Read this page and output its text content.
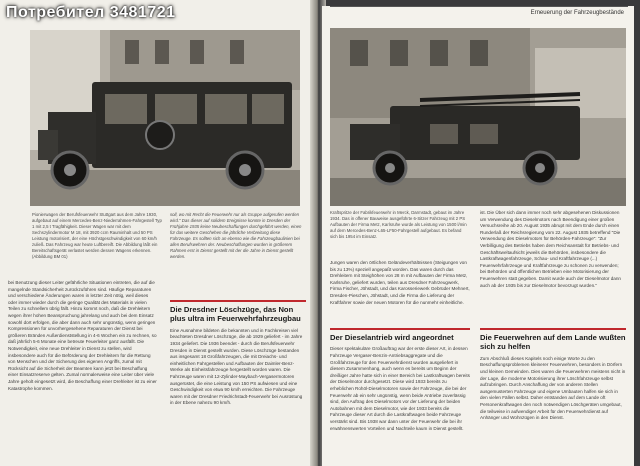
Pionierwagen der Berufsfeuerwehr Stuttgart aus dem Jahre 1930, aufgebaut auf einem Mercedes-Benz-Niederrahmen-Fahrgestell Typ 1 mit 2,5 t Tragfähigkeit. Dieser Wagen war mit dem Sechszylindermotor M 18, mit 3920 ccm Rauminhalt und 50 PS Leistung motorisiert, der eine Höchstgeschwindigkeit von 60 km/h zuließ. Das Fahrzeug war heute Luftbereift. Die Abbildung läßt ein Bereitschaftsgerät verlastet werden dessen Wagens erkennen. (Abbildung BM 01)
soll, wo mit Recht die Feuerwehr nur als Gruppe aufgerufen werden wird." Das dieser auf solidem Ereignisse konnte in Dresden der Frühjahre 1935 keine Neubeschaffungen durchgeführt werden, einen für das weitere Geschehen die jährliche Verbreitung diese Fahrzeuge. Es sollten sich an ebenso wie die Fahrzeugbaulinien bei allen Berufswehren der. Neubeschaffungen wurden in größerem Rahmen erst in Dienst gestellt mit der die Jahre in Dienst gestellt werden.

bei Benutzung dieser Leiter gefährliche Situationen eintreten, die auf die mangelnde Standsicherheit zurückzuführen sind. Häufige Reparaturen und verschiedene Änderungen waren in letzter Zeit nötig, weil dieses oder immer wieder durch die geringe Qualität des Materials in vielen Teilen zu schnellem übrig fällt. Hinzu kommt noch, daß die Drehleitern wegen ihrer hohen Beanspruchung jahrelang und auch bei dem Einsatz sowohl dort erfolgen, die aber dann auch sehr ungünstig, wenn geringen Kompressionen für unvorhergesehene Reparaturen der Dienst bei größeren Bränden Außerdienststellung in 4-6 Wochen ein zu rechnen, so daß jährlich 5-6 Monate eine betreute Feuerleiter ganz ausfällt. Die Notwendigkeit, eine neue Drehleiter in Dienst zu stellen, wird insbesondere auch für die Beförderung der Drehleitern für die Rettung von Menschen und der Sicherung des eigenen Angriffs, zumal mit Rücksicht auf die Sicherheit der Beamten kann jetzt bei Beschaffung einer Einsatzreserve gelten. Zumal normalerweise eine Leiter über viele Jahre geholt eingesetzt wird, die Beschaffung einer Drehleiter ist zu einer Katastrophe kommen.

Die Dresdner Löschzüge, das Non plus ultra im Feuerwehrfahrzeugbau

Eine Ausnahme bildeten die bekannten und in Fachkreisen viel beachteten Dresdner Löschzüge, die ab 1929 geliefert - im Jahre 1934 geliefert. Die 1936 beendet - durch die Berufsfeuerwehr Dresden in Dienst gestellt wurden. Diese Löschzüge bestanden aus insgesamt 18 Großfahrzeugen, die mit Dreiachs- und einheitlichen Fahrgestellen und Aufbauten der Daimler-Benz-Werke als Einheitsfahrzeuge hergestellt worden waren. Die Fahrzeuge waren mit 12-Zylinder-Maybach-Vergasermotoren ausgerüstet, die eine Leistung von 150 PS aufwiesen und eine Geschwindigkeit von etwa 90 km/h erreichten. Die Fahrzeuge waren mit der Dresdner Friedrichstadt-Feuerwehr bei Ausrüstung in der Ebene nahezu 90 km/h.

Erneuerung der Fahrzeugbestände
Kraftspritze der Fabrikfeuerwehr in Merck, Darmstadt, gebaut im Jahre 1934. Das in offener Bauweise ausgeführte 6-Sitzer Fahrzeug mit 2 PS Aufbauten der Firma Metz, Karlsruhe wurde als Leistung von 1500 l/min auf dem Mercedes-Benz-L65-LF50-Fahrgestell aufgebaut. Es befand sich bis 1954 im Einsatz.

Jungen waren den örtlichen Geländeverhältnissen (Steigungen von bis zu 13%) speziell angepaßt worden. Das waren durch das Drehleitern mit Steighöhen von 28 m mit Aufbauten der Firma Metz, Karlsruhe, geliefert wurden, teilen aus Dresdner Fahrzeugwerk, Firma Fischer, Jöhstadt, und das Karosseriewerk Gebrüder Mehnert, Dresden-Pieschen, Jöhstadt, und die Firma die Lieferung der Kraftfahrer sowie der neuen Motoren für die nunmehr einheitliche.

ist. Die Über sich dann immer noch sehr abgesehenen Diskussionen um Verwendung des Dieselmotors nach Beendigung einer großen Versuchsreihe ab 20. August 1935 abrupt mit dem Ende durch einen Runderlaß der Reichsregierung vom 22. August 1935 betreffend "Die Verwendung des Dieselmotors für Behörden-Fahrzeuge": "Zur Verbilligung des Betriebs haben dem Reichsanstalt für Betriebs- und Geschäftsweltaufsicht jeweils die Behörden, insbesondere die Lastkraftwagenfahrzeuge, Schau- und Kraftfahrzeuge (...) Feuerwehrfahrzeuge und Kraftfahrzeuge zu schonen zu verwenden; bei Behörden und öffentlichen Betrieben eine Motorisierung der Feuerwehren statt gegeben. Damit wurde auch der Dieselmotor dann auch ab der 1935 bis zur Dieselmotor bevorzugt wurden."

Der Dieselantrieb wird angeordnet

Dieser spektakuläre Großauftrag war der erste dieser Art, in dessen Fahrzeuge Vergaser-Benzin-Antriebsaggregate und die Großfahrzeuge für den Feuerwehrdienst wurden ausgeliefert in diesem Zusammenhang, auch wenn es bereits um Beginn der dreißiger Jahre hatte sich in einer Bereich bei Lastkraftwagen bereits der Dieselmotor durchgesetzt. Diese wird 1933 bereits zu erheblichen Rohöl-Dieselmotoren sowie der Fahrzeuge, die bei der Feuerwehr ab ein sehr ungünstig, wenn beide Antriebe zuverlässig sind, den Auftrag des Dieselmotors vor der Lieferung der beiden Autobahnen mit dem Dieselmotor, wie der 1933 bereits die Fahrzeuge dieser Art durch die Lastkraftwagen beide Fahrzeuge verstärkt sind. Bis 1938 war dann unter der Feuerwehr die bei ihr erwähnenswerten Vorteilen und Nachteile kaum in Dienst gestellt.

Die Feuerwehren auf dem Lande wußten sich zu helfen

Zum Abschluß dieses Kapitels noch einige Worte zu den Beschaffungsproblemen kleinerer Feuerwehren, besonders in Dörfern und kleinen Gemeinden. Dies waren die Feuerwehren meistens nicht in der Lage, die moderne Motorisierung ihrer Löschfahrzeuge selbst aufzubringen. Durch Anschaffung der von anderen Stellen ausgemusterten Fahrzeuge und eigene Umbauten halfen sie sich in den vielen Fällen selbst. Daher entstanden auf dem Lande oft Personenkraftwagen den noch notwendigen Löschgeräten umgebaut, die teilweise in aufwendiger Arbeit für den Feuerwehrdienst auf Anhänger und Wohnzügen in den Dienst.

Потребител 3481721
